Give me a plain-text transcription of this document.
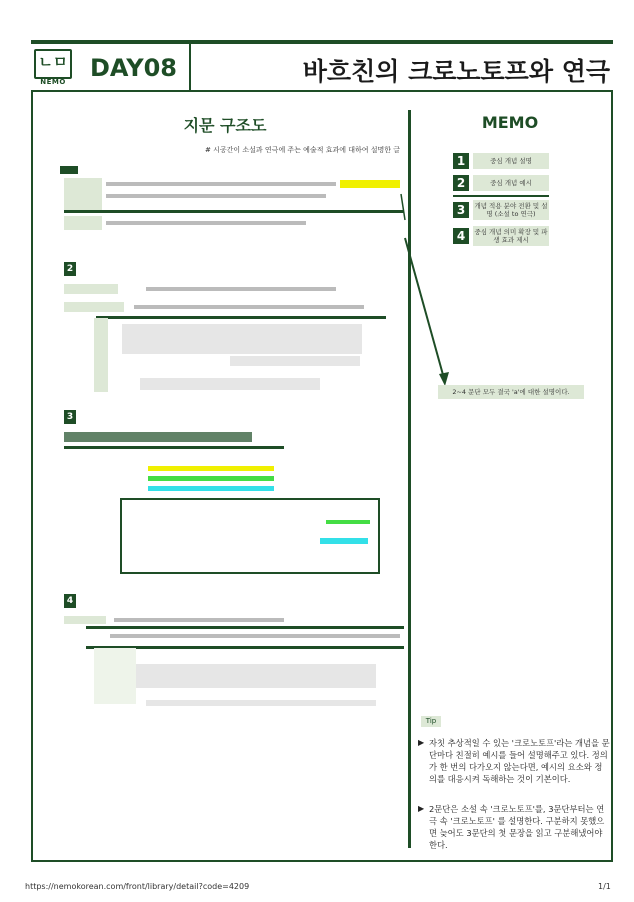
ㄴㅁ
NEMO DAY08	바흐친의 크로노토프와 연극
지문 구조도
# 시공간이 소설과 연극에 주는 예술적 효과에 대하여 설명한 글
2
3
4
MEMO
1	중심 개념 설명
2	중심 개념 예시
3	개념 적용 분야 전환 및 설명 (소설 to 연극)
4	중심 개념 의미 확장 및 파생 효과 제시
2~4 문단 모두 결국 'a'에 대한 설명이다.
Tip
▶ 자칫 추상적일 수 있는 '크로노토프'라는 개념을 문단마다 친절히 예시를 들어 설명해주고 있다. 정의가 한 번의 다가오지 않는다면, 예시의 요소와 정의를 대응시켜 독해하는 것이 기본이다.
▶ 2문단은 소설 속 '크로노토프'를, 3문단부터는 연극 속 '크로노토프' 를 설명한다. 구분하지 못했으면 늦어도 3문단의 첫 문장을 읽고 구분해냈어야 한다.
https://nemokorean.com/front/library/detail?code=4209	1/1
